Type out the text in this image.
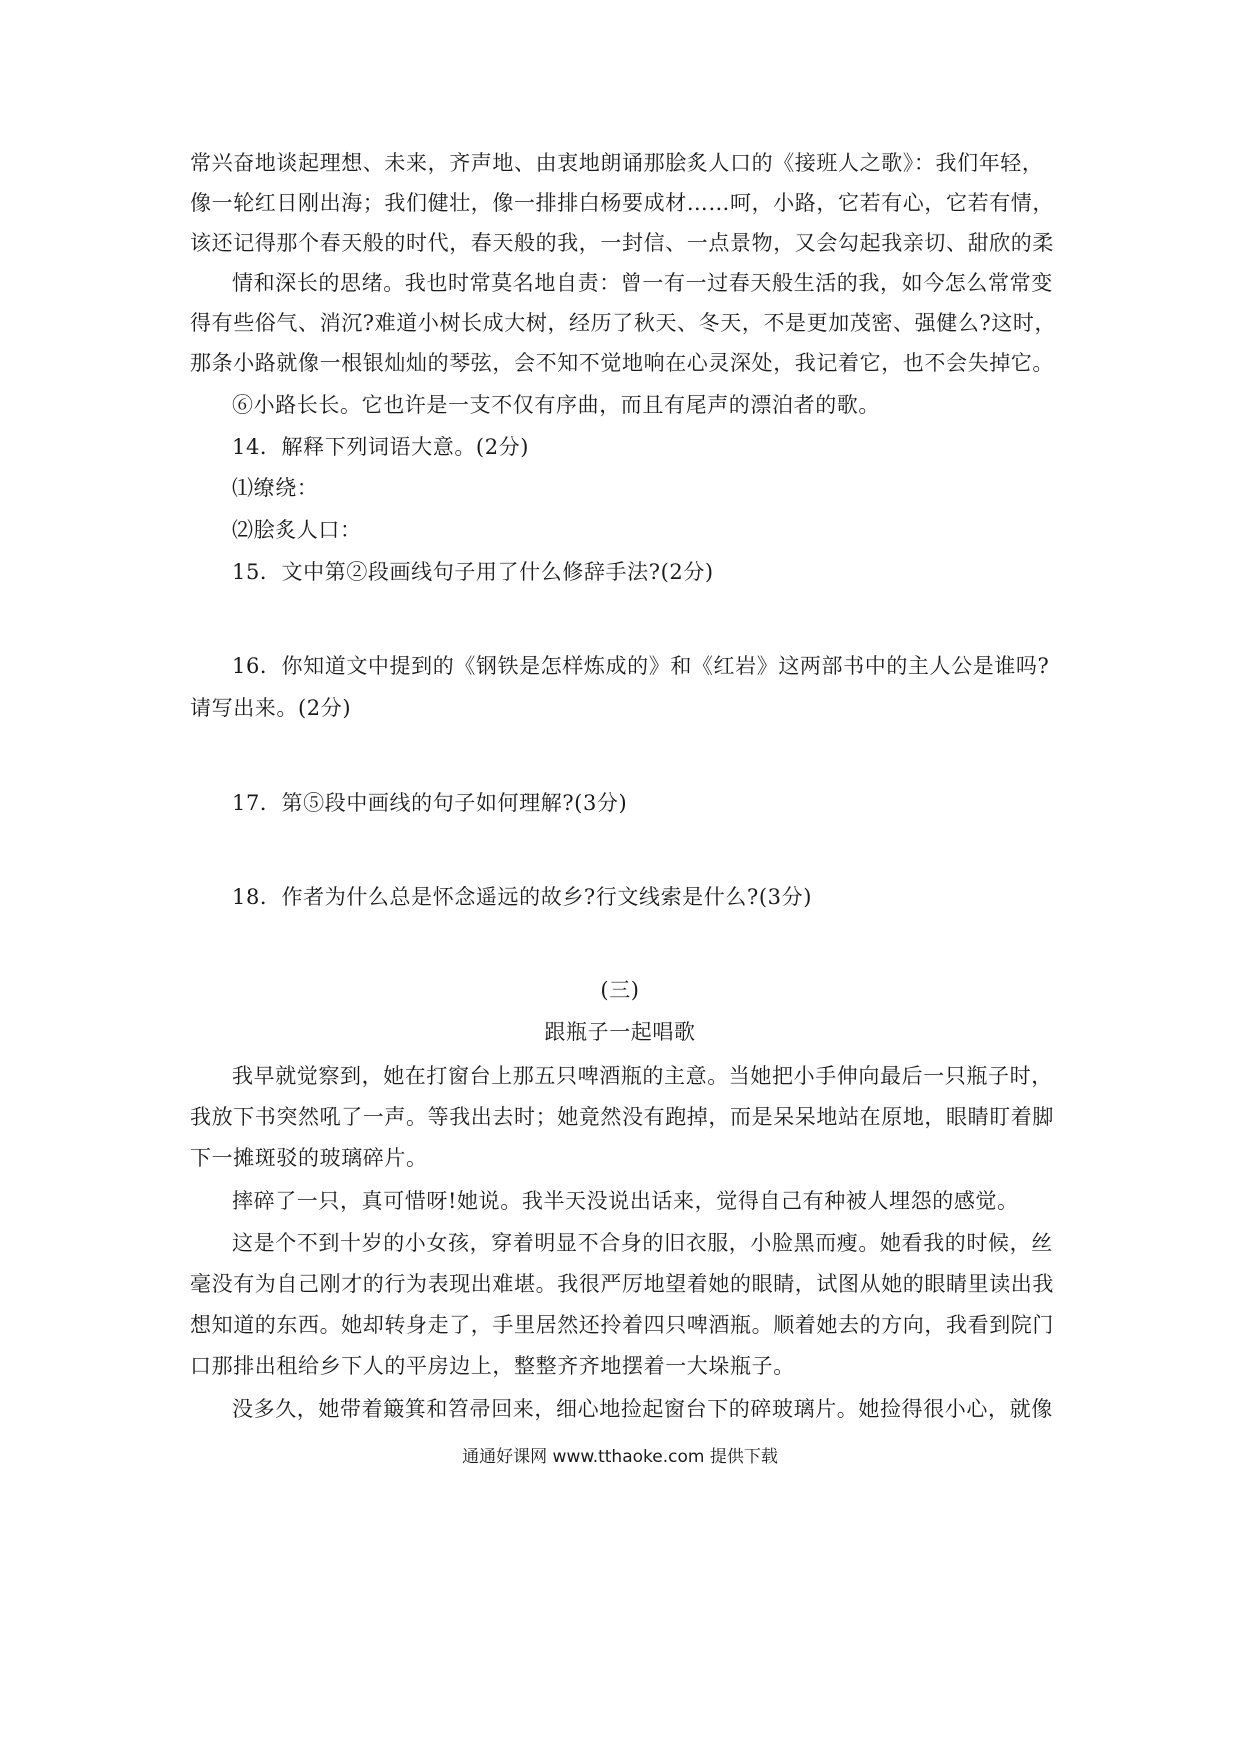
常兴奋地谈起理想、未来，齐声地、由衷地朗诵那脍炙人口的《接班人之歌》：我们年轻，
像一轮红日刚出海；我们健壮，像一排排白杨要成材……呵，小路，它若有心，它若有情，
该还记得那个春天般的时代，春天般的我，一封信、一点景物，又会勾起我亲切、甜欣的柔
情和深长的思绪。我也时常莫名地自责：曾一有一过春天般生活的我，如今怎么常常变
得有些俗气、消沉?难道小树长成大树，经历了秋天、冬天，不是更加茂密、强健么?这时，
那条小路就像一根银灿灿的琴弦，会不知不觉地响在心灵深处，我记着它，也不会失掉它。
⑥小路长长。它也许是一支不仅有序曲，而且有尾声的漂泊者的歌。
14．解释下列词语大意。(2分)
⑴缭绕：
⑵脍炙人口：
15．文中第②段画线句子用了什么修辞手法?(2分)
16．你知道文中提到的《钢铁是怎样炼成的》和《红岩》这两部书中的主人公是谁吗?
请写出来。(2分)
17．第⑤段中画线的句子如何理解?(3分)
18．作者为什么总是怀念遥远的故乡?行文线索是什么?(3分)
(三)
跟瓶子一起唱歌
我早就觉察到，她在打窗台上那五只啤酒瓶的主意。当她把小手伸向最后一只瓶子时，
我放下书突然吼了一声。等我出去时；她竟然没有跑掉，而是呆呆地站在原地，眼睛盯着脚
下一摊斑驳的玻璃碎片。
摔碎了一只，真可惜呀!她说。我半天没说出话来，觉得自己有种被人埋怨的感觉。
这是个不到十岁的小女孩，穿着明显不合身的旧衣服，小脸黑而瘦。她看我的时候，丝
毫没有为自己刚才的行为表现出难堪。我很严厉地望着她的眼睛，试图从她的眼睛里读出我
想知道的东西。她却转身走了，手里居然还拎着四只啤酒瓶。顺着她去的方向，我看到院门
口那排出租给乡下人的平房边上，整整齐齐地摆着一大垛瓶子。
没多久，她带着簸箕和笤帚回来，细心地捡起窗台下的碎玻璃片。她捡得很小心，就像
通通好课网 www.tthaoke.com 提供下载
